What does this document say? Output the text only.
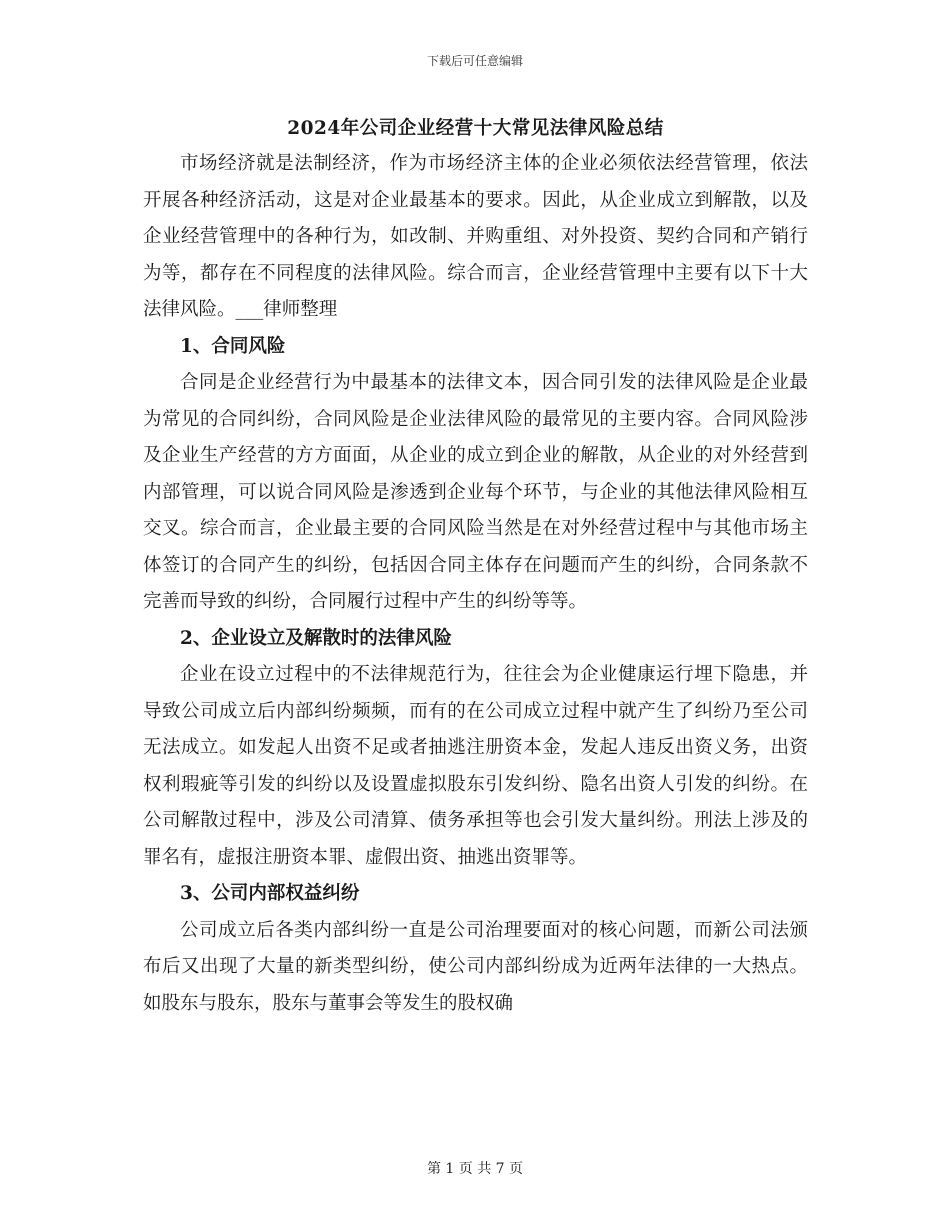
下载后可任意编辑
2024年公司企业经营十大常见法律风险总结

市场经济就是法制经济，作为市场经济主体的企业必须依法经营管理，依法开展各种经济活动，这是对企业最基本的要求。因此，从企业成立到解散，以及企业经营管理中的各种行为，如改制、并购重组、对外投资、契约合同和产销行为等，都存在不同程度的法律风险。综合而言，企业经营管理中主要有以下十大法律风险。___律师整理

1、合同风险

合同是企业经营行为中最基本的法律文本，因合同引发的法律风险是企业最为常见的合同纠纷，合同风险是企业法律风险的最常见的主要内容。合同风险涉及企业生产经营的方方面面，从企业的成立到企业的解散，从企业的对外经营到内部管理，可以说合同风险是渗透到企业每个环节，与企业的其他法律风险相互交叉。综合而言，企业最主要的合同风险当然是在对外经营过程中与其他市场主体签订的合同产生的纠纷，包括因合同主体存在问题而产生的纠纷，合同条款不完善而导致的纠纷，合同履行过程中产生的纠纷等等。

2、企业设立及解散时的法律风险

企业在设立过程中的不法律规范行为，往往会为企业健康运行埋下隐患，并导致公司成立后内部纠纷频频，而有的在公司成立过程中就产生了纠纷乃至公司无法成立。如发起人出资不足或者抽逃注册资本金，发起人违反出资义务，出资权利瑕疵等引发的纠纷以及设置虚拟股东引发纠纷、隐名出资人引发的纠纷。在公司解散过程中，涉及公司清算、债务承担等也会引发大量纠纷。刑法上涉及的罪名有，虚报注册资本罪、虚假出资、抽逃出资罪等。

3、公司内部权益纠纷

公司成立后各类内部纠纷一直是公司治理要面对的核心问题，而新公司法颁布后又出现了大量的新类型纠纷，使公司内部纠纷成为近两年法律的一大热点。如股东与股东，股东与董事会等发生的股权确

第 1 页 共 7 页
